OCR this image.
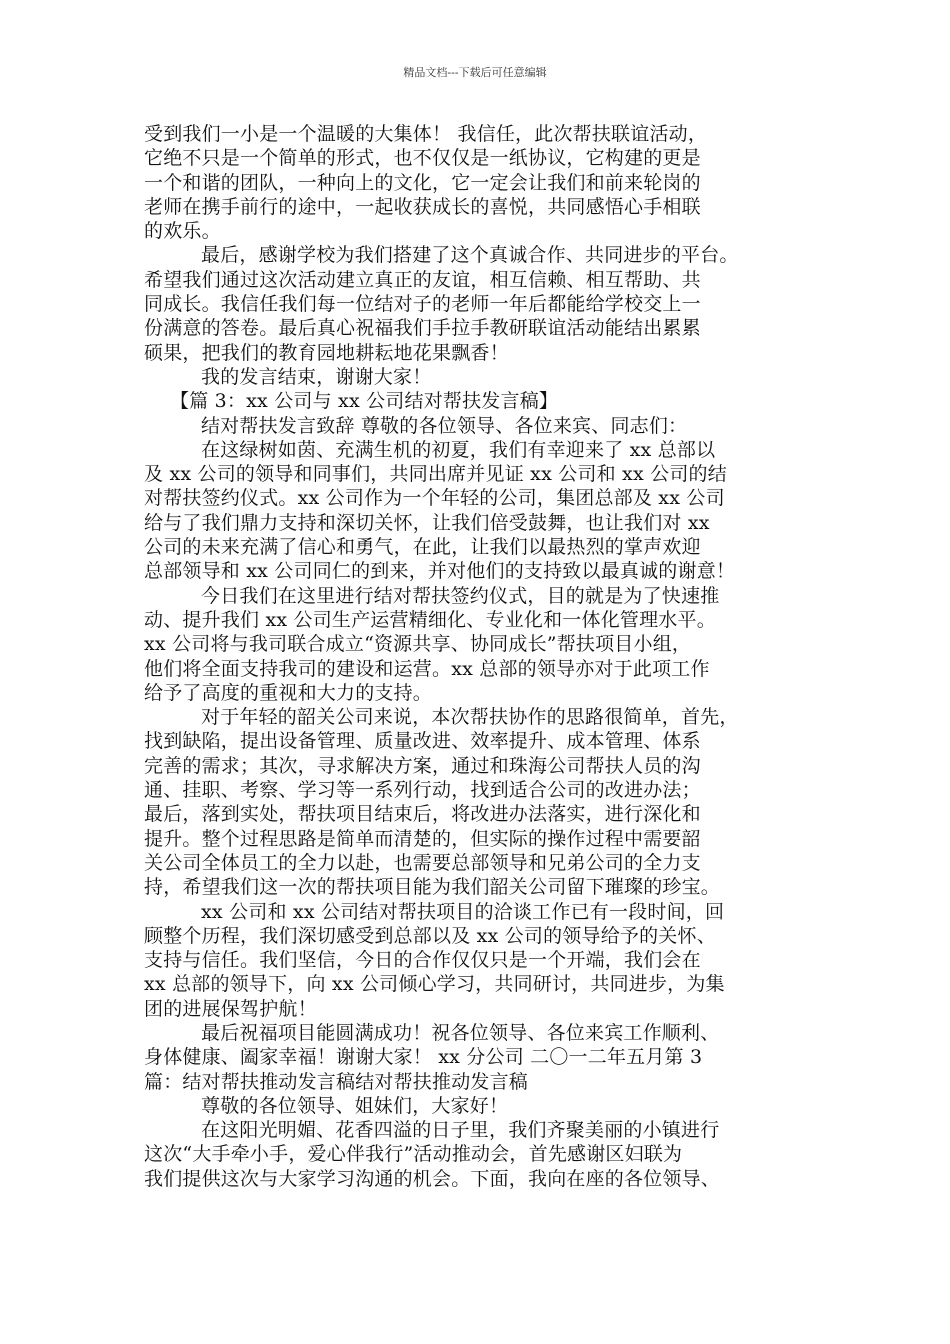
精品文档---下载后可任意编辑
受到我们一小是一个温暖的大集体！ 我信任，此次帮扶联谊活动，
它绝不只是一个简单的形式，也不仅仅是一纸协议，它构建的更是
一个和谐的团队，一种向上的文化，它一定会让我们和前来轮岗的
老师在携手前行的途中，一起收获成长的喜悦，共同感悟心手相联
的欢乐。
最后，感谢学校为我们搭建了这个真诚合作、共同进步的平台。
希望我们通过这次活动建立真正的友谊，相互信赖、相互帮助、共
同成长。我信任我们每一位结对子的老师一年后都能给学校交上一
份满意的答卷。最后真心祝福我们手拉手教研联谊活动能结出累累
硕果，把我们的教育园地耕耘地花果飘香！
我的发言结束，谢谢大家！
【篇 3：xx 公司与 xx 公司结对帮扶发言稿】
结对帮扶发言致辞 尊敬的各位领导、各位来宾、同志们：
在这绿树如茵、充满生机的初夏，我们有幸迎来了 xx 总部以
及 xx 公司的领导和同事们，共同出席并见证 xx 公司和 xx 公司的结
对帮扶签约仪式。xx 公司作为一个年轻的公司，集团总部及 xx 公司
给与了我们鼎力支持和深切关怀，让我们倍受鼓舞，也让我们对 xx
公司的未来充满了信心和勇气，在此，让我们以最热烈的掌声欢迎
总部领导和 xx 公司同仁的到来，并对他们的支持致以最真诚的谢意！
今日我们在这里进行结对帮扶签约仪式，目的就是为了快速推
动、提升我们 xx 公司生产运营精细化、专业化和一体化管理水平。
xx 公司将与我司联合成立“资源共享、协同成长”帮扶项目小组，
他们将全面支持我司的建设和运营。xx 总部的领导亦对于此项工作
给予了高度的重视和大力的支持。
对于年轻的韶关公司来说，本次帮扶协作的思路很简单，首先，
找到缺陷，提出设备管理、质量改进、效率提升、成本管理、体系
完善的需求；其次，寻求解决方案，通过和珠海公司帮扶人员的沟
通、挂职、考察、学习等一系列行动，找到适合公司的改进办法；
最后，落到实处，帮扶项目结束后，将改进办法落实，进行深化和
提升。整个过程思路是简单而清楚的，但实际的操作过程中需要韶
关公司全体员工的全力以赴，也需要总部领导和兄弟公司的全力支
持，希望我们这一次的帮扶项目能为我们韶关公司留下璀璨的珍宝。
xx 公司和 xx 公司结对帮扶项目的洽谈工作已有一段时间，回
顾整个历程，我们深切感受到总部以及 xx 公司的领导给予的关怀、
支持与信任。我们坚信，今日的合作仅仅只是一个开端，我们会在
xx 总部的领导下，向 xx 公司倾心学习，共同研讨，共同进步，为集
团的进展保驾护航！
最后祝福项目能圆满成功！祝各位领导、各位来宾工作顺利、
身体健康、阖家幸福！谢谢大家！ xx 分公司 二〇一二年五月第 3
篇：结对帮扶推动发言稿结对帮扶推动发言稿
尊敬的各位领导、姐妹们，大家好！
在这阳光明媚、花香四溢的日子里，我们齐聚美丽的小镇进行
这次“大手牵小手，爱心伴我行”活动推动会，首先感谢区妇联为
我们提供这次与大家学习沟通的机会。下面，我向在座的各位领导、
